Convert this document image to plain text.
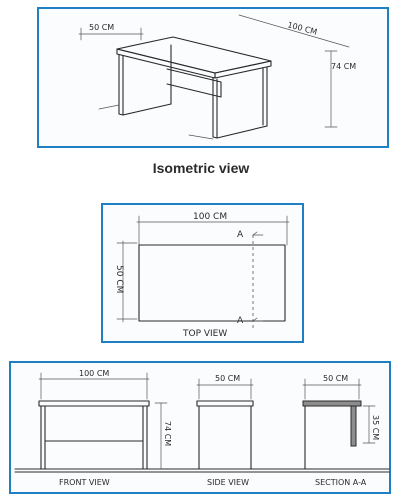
50 CM	100 CM
74 CM
Isometric view
100 CM
50 CM
A
A
TOP VIEW
100 CM
74 CM
FRONT VIEW
50 CM
SIDE VIEW
50 CM
35 CM
SECTION A-A
